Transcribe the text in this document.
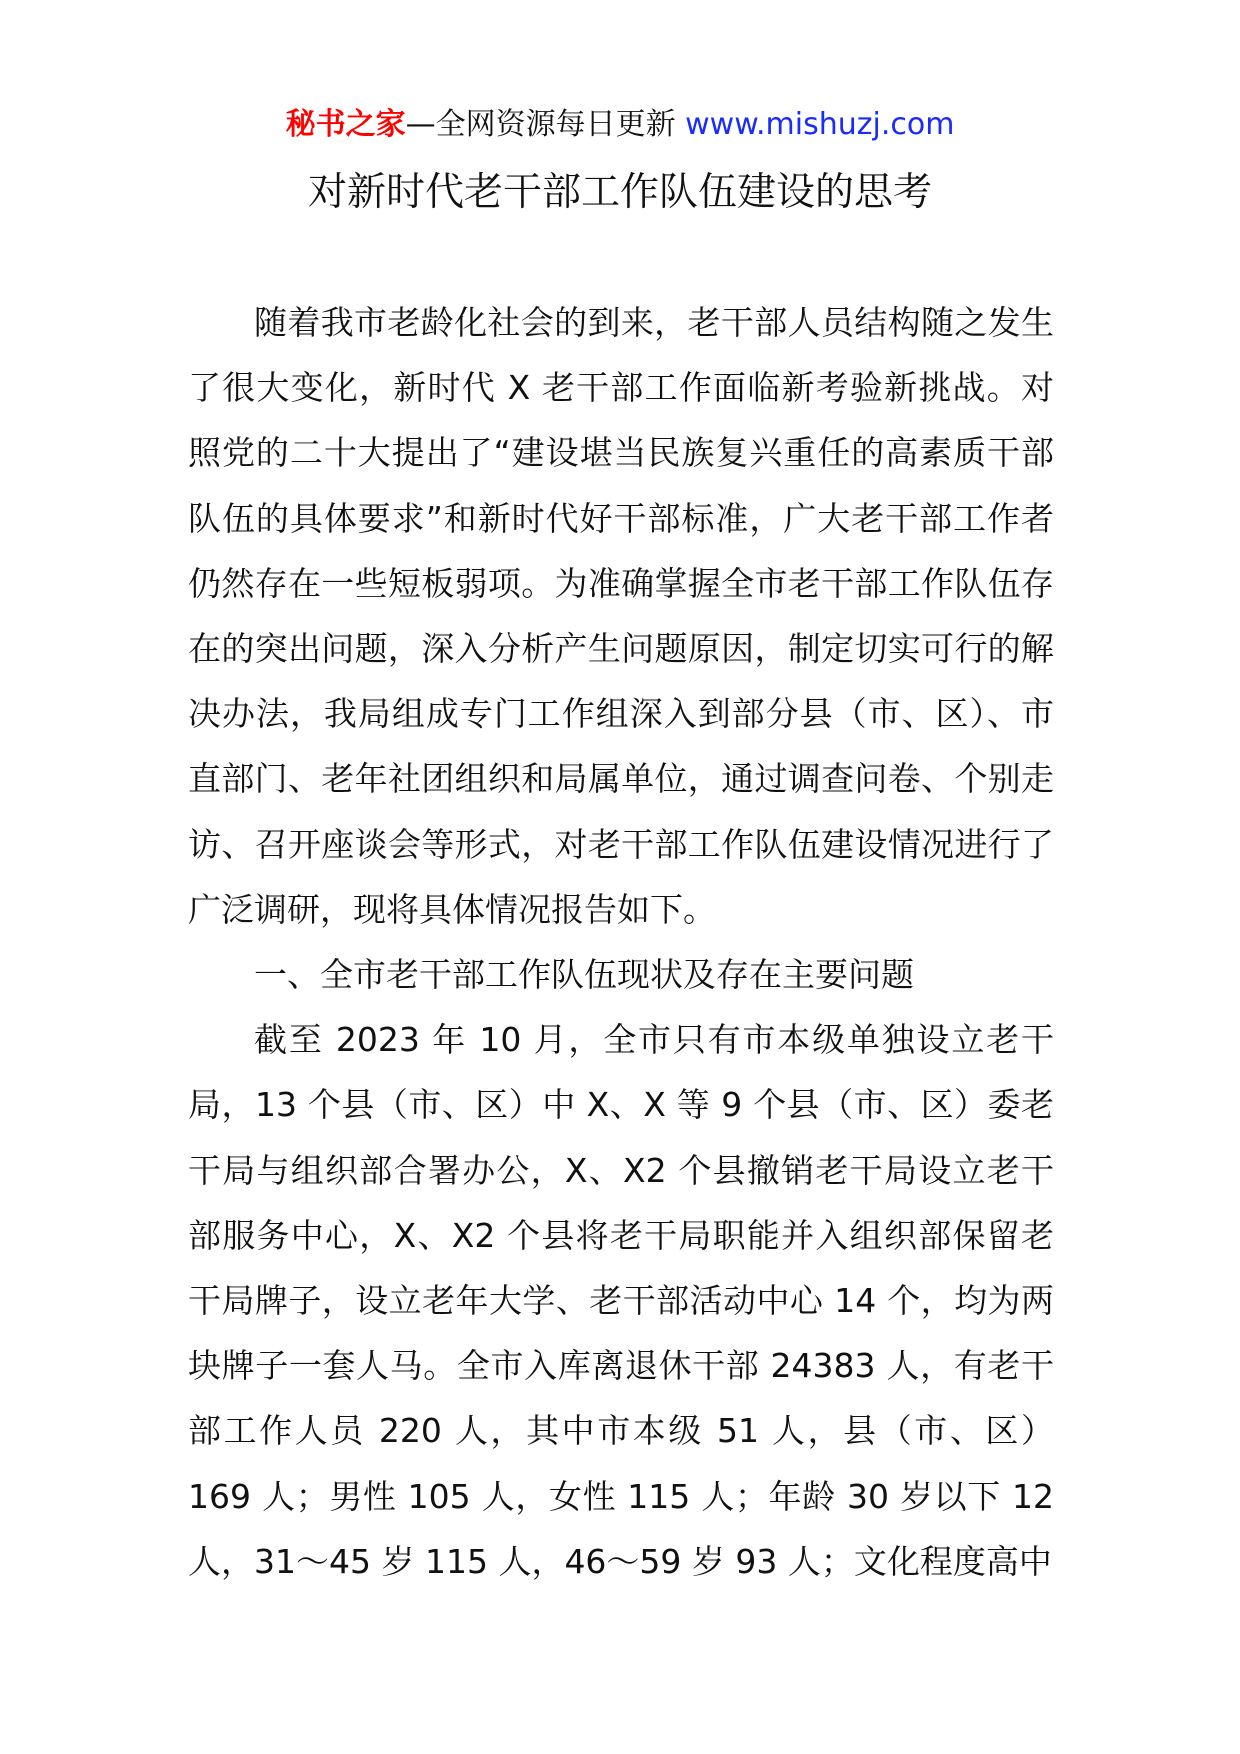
秘书之家—全网资源每日更新 www.mishuzj.com
对新时代老干部工作队伍建设的思考

随着我市老龄化社会的到来，老干部人员结构随之发生了很大变化，新时代 X 老干部工作面临新考验新挑战。对照党的二十大提出了“建设堪当民族复兴重任的高素质干部队伍的具体要求”和新时代好干部标准，广大老干部工作者仍然存在一些短板弱项。为准确掌握全市老干部工作队伍存在的突出问题，深入分析产生问题原因，制定切实可行的解决办法，我局组成专门工作组深入到部分县（市、区）、市直部门、老年社团组织和局属单位，通过调查问卷、个别走访、召开座谈会等形式，对老干部工作队伍建设情况进行了广泛调研，现将具体情况报告如下。

一、全市老干部工作队伍现状及存在主要问题

截至 2023 年 10 月，全市只有市本级单独设立老干局，13 个县（市、区）中 X、X 等 9 个县（市、区）委老干局与组织部合署办公，X、X2 个县撤销老干局设立老干部服务中心，X、X2 个县将老干局职能并入组织部保留老干局牌子，设立老年大学、老干部活动中心 14 个，均为两块牌子一套人马。全市入库离退休干部 24383 人，有老干部工作人员 220 人，其中市本级 51 人，县（市、区）169 人；男性 105 人，女性 115 人；年龄 30 岁以下 12 人，31～45 岁 115 人，46～59 岁 93 人；文化程度高中
